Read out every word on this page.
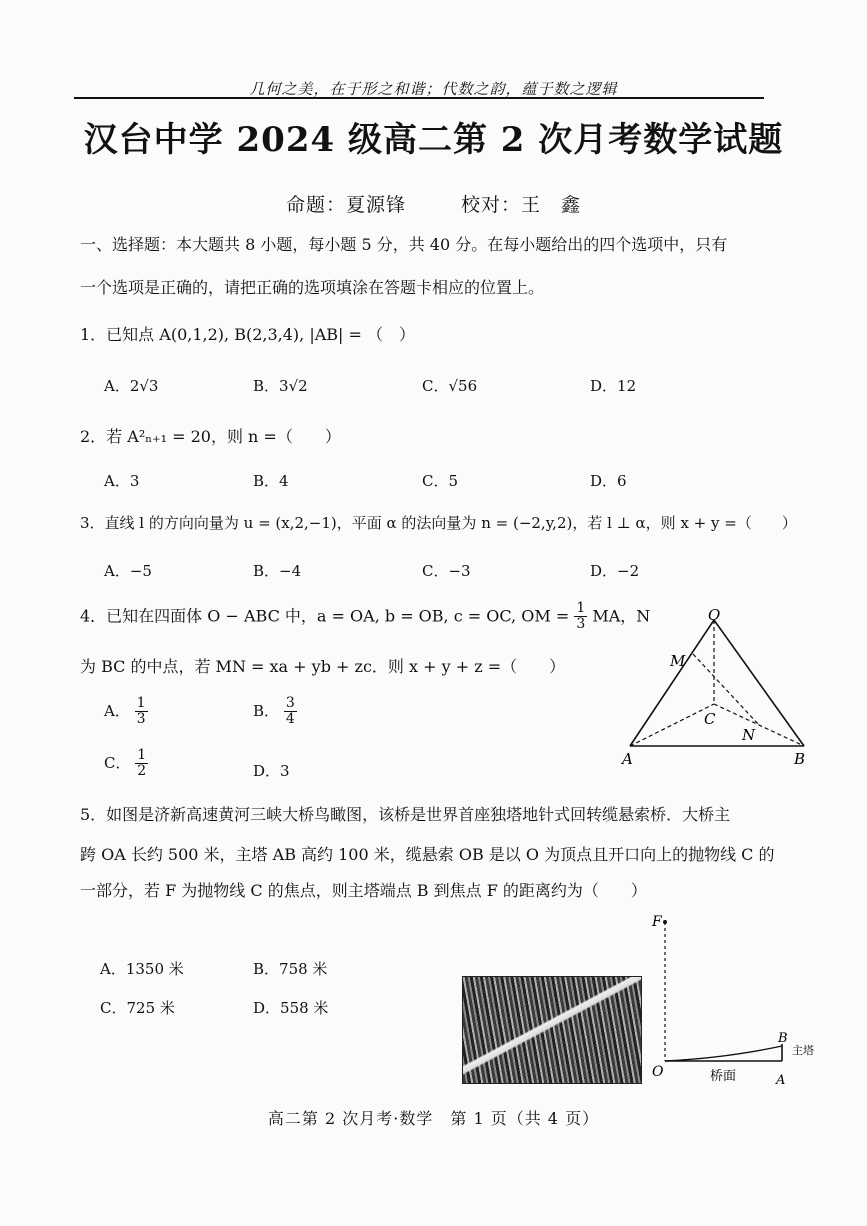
几何之美，在于形之和谐；代数之韵，蕴于数之逻辑
汉台中学 2024 级高二第 2 次月考数学试题
命题：夏源锋	校对：王　鑫
一、选择题：本大题共 8 小题，每小题 5 分，共 40 分。在每小题给出的四个选项中，只有
一个选项是正确的，请把正确的选项填涂在答题卡相应的位置上。
1．已知点 A(0,1,2), B(2,3,4), |AB| = （　）
A．2√3	B．3√2	C．√56	D．12
2．若 A²ₙ₊₁ = 20，则 n =（　　）
A．3	B．4	C．5	D．6
3．直线 l 的方向向量为 u = (x,2,−1)，平面 α 的法向量为 n = (−2,y,2)，若 l ⊥ α，则 x + y =（　　）
A．−5	B．−4	C．−3	D．−2
4．已知在四面体 O − ABC 中，a = OA, b = OB, c = OC, OM = $\frac{1}{3}$ MA，N
为 BC 的中点，若 MN = xa + yb + zc．则 x + y + z =（　　）
A． $\frac{1}{3}$	B． $\frac{3}{4}$
C． $\frac{1}{2}$	D．3
O
M
C
N
A	B
5．如图是济新高速黄河三峡大桥鸟瞰图，该桥是世界首座独塔地针式回转缆悬索桥．大桥主
跨 OA 长约 500 米，主塔 AB 高约 100 米，缆悬索 OB 是以 O 为顶点且开口向上的抛物线 C 的
一部分，若 F 为抛物线 C 的焦点，则主塔端点 B 到焦点 F 的距离约为（　　）
A．1350 米	B．758 米
C．725 米	D．558 米
F
O
B
A
桥面
主塔
高二第 2 次月考·数学　第 1 页（共 4 页）
